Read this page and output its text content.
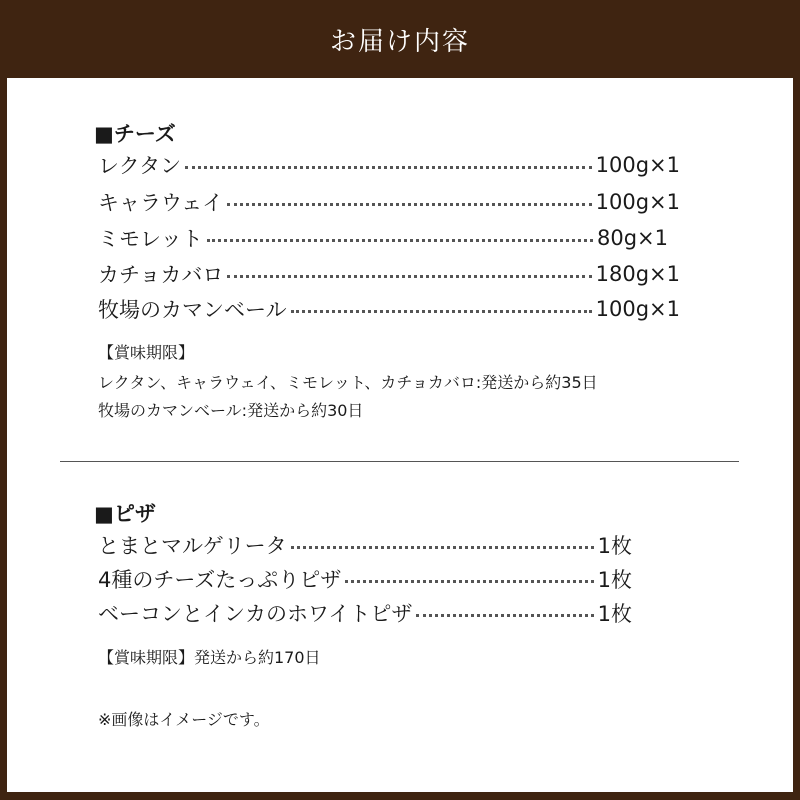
お届け内容
■チーズ
レクタン	100g×1
キャラウェイ	100g×1
ミモレット	80g×1
カチョカバロ	180g×1
牧場のカマンベール	100g×1
【賞味期限】
レクタン、キャラウェイ、ミモレット、カチョカバロ:発送から約35日
牧場のカマンベール:発送から約30日
■ピザ
とまとマルゲリータ	1枚
4種のチーズたっぷりピザ	1枚
ベーコンとインカのホワイトピザ	1枚
【賞味期限】発送から約170日
※画像はイメージです。
